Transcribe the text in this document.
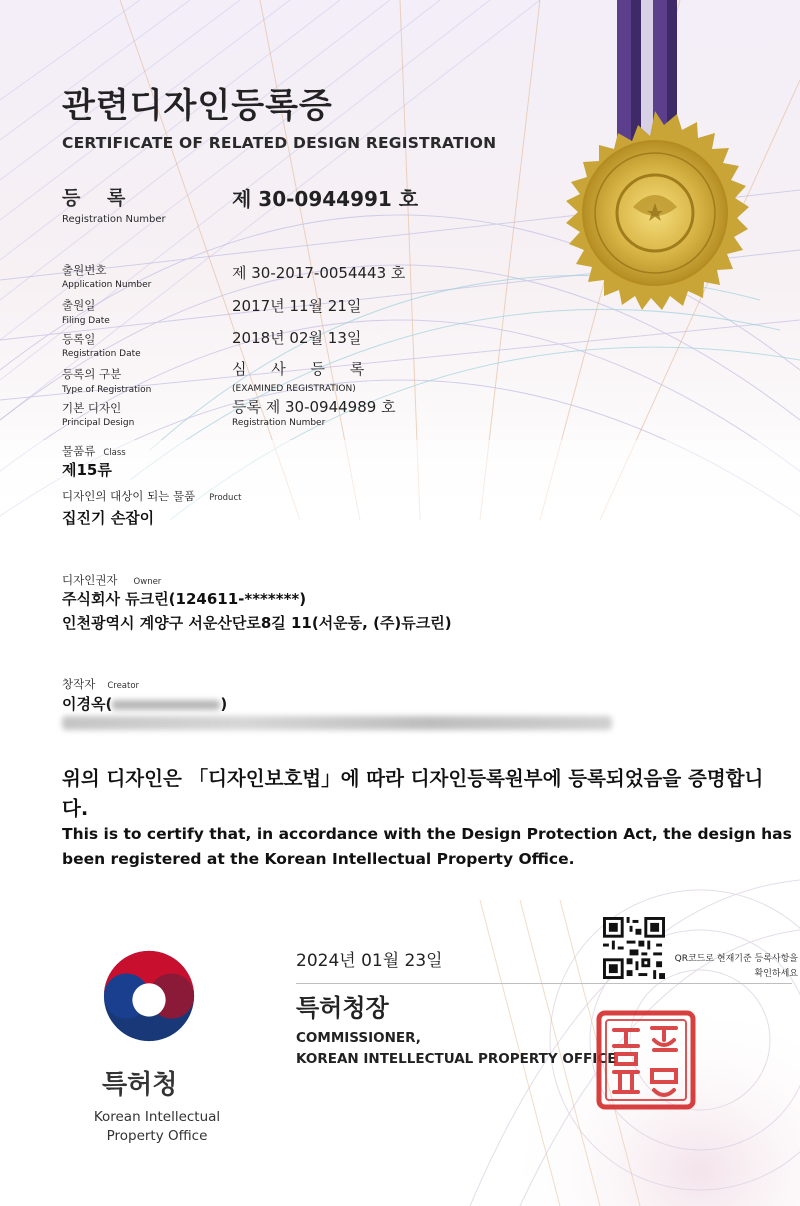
관련디자인등록증
CERTIFICATE OF RELATED DESIGN REGISTRATION
등 록
Registration Number
제 30-0944991 호
출원번호
Application Number
제 30-2017-0054443 호
출원일
Filing Date
2017년 11월 21일
등록일
Registration Date
2018년 02월 13일
등록의 구분
Type of Registration
심 사 등 록
(EXAMINED REGISTRATION)
기본 디자인
Principal Design
등록 제 30-0944989 호
Registration Number
물품류 Class
제15류
디자인의 대상이 되는 물품 Product
집진기 손잡이
디자인권자 Owner
주식회사 듀크린(124611-*******)
인천광역시 계양구 서운산단로8길 11(서운동, (주)듀크린)
창작자 Creator
이경옥(	)
위의 디자인은 「디자인보호법」에 따라 디자인등록원부에 등록되었음을 증명합니다.
This is to certify that, in accordance with the Design Protection Act, the design has been registered at the Korean Intellectual Property Office.
QR코드로 현재기준 등록사항을 확인하세요
2024년 01월 23일
특허청장
COMMISSIONER,
KOREAN INTELLECTUAL PROPERTY OFFICE
특허청
Korean Intellectual Property Office
